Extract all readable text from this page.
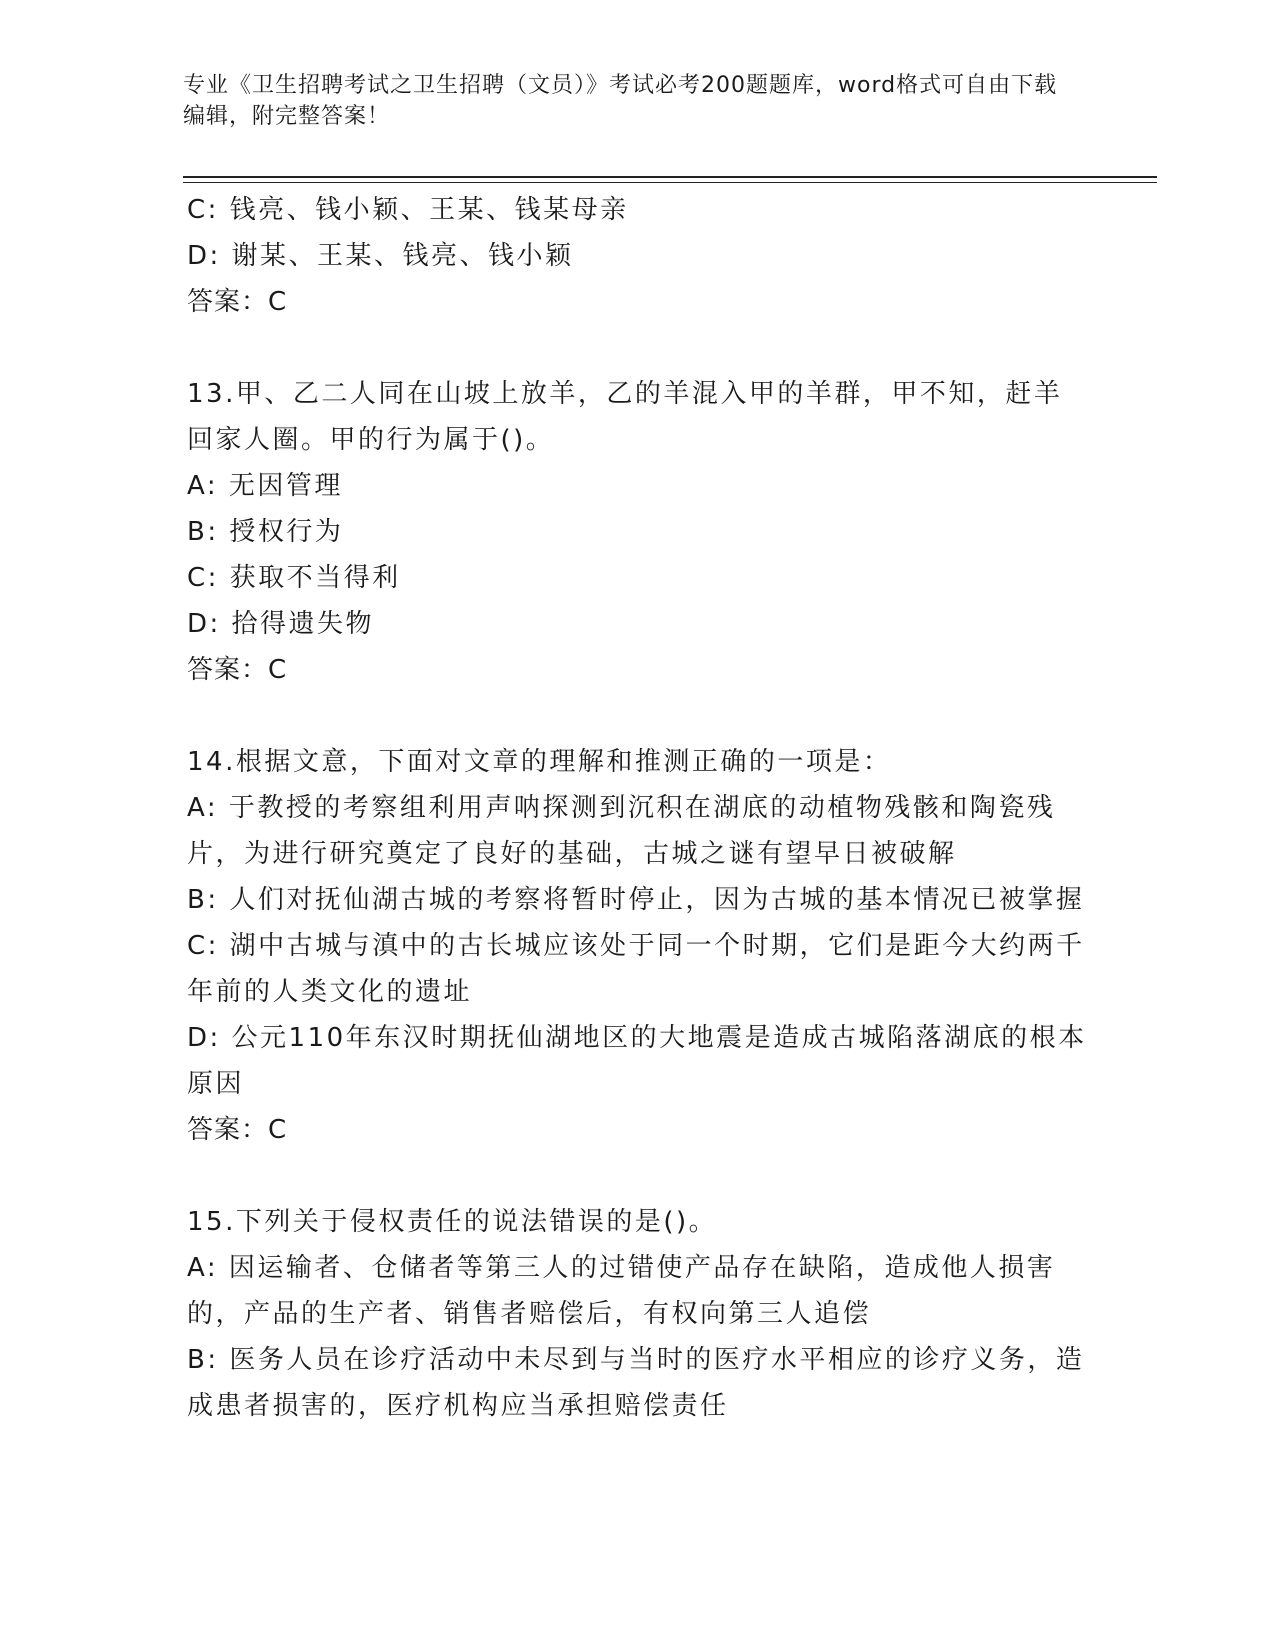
专业《卫生招聘考试之卫生招聘（文员）》考试必考200题题库，word格式可自由下载编辑，附完整答案！
C: 钱亮、钱小颖、王某、钱某母亲
D: 谢某、王某、钱亮、钱小颖
答案：C
13.甲、乙二人同在山坡上放羊，乙的羊混入甲的羊群，甲不知，赶羊回家人圈。甲的行为属于()。
A: 无因管理
B: 授权行为
C: 获取不当得利
D: 拾得遗失物
答案：C
14.根据文意，下面对文章的理解和推测正确的一项是：
A: 于教授的考察组利用声呐探测到沉积在湖底的动植物残骸和陶瓷残片，为进行研究奠定了良好的基础，古城之谜有望早日被破解
B: 人们对抚仙湖古城的考察将暂时停止，因为古城的基本情况已被掌握
C: 湖中古城与滇中的古长城应该处于同一个时期，它们是距今大约两千年前的人类文化的遗址
D: 公元110年东汉时期抚仙湖地区的大地震是造成古城陷落湖底的根本原因
答案：C
15.下列关于侵权责任的说法错误的是()。
A: 因运输者、仓储者等第三人的过错使产品存在缺陷，造成他人损害的，产品的生产者、销售者赔偿后，有权向第三人追偿
B: 医务人员在诊疗活动中未尽到与当时的医疗水平相应的诊疗义务，造成患者损害的，医疗机构应当承担赔偿责任
